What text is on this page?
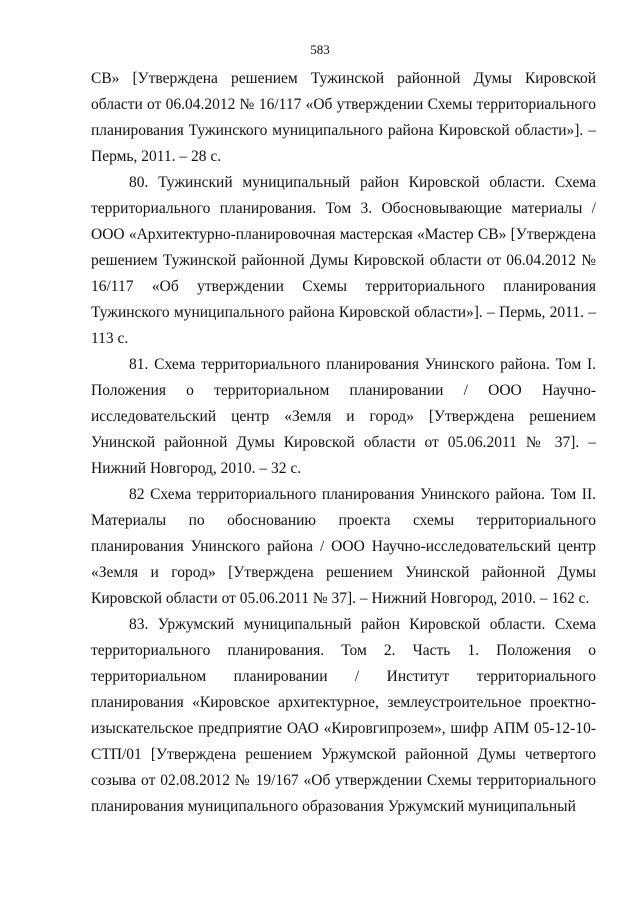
583

СВ» [Утверждена решением Тужинской районной Думы Кировской области от 06.04.2012 № 16/117 «Об утверждении Схемы территориального планирования Тужинского муниципального района Кировской области»]. – Пермь, 2011. – 28 с.

80. Тужинский муниципальный район Кировской области. Схема территориального планирования. Том 3. Обосновывающие материалы / ООО «Архитектурно-планировочная мастерская «Мастер СВ» [Утверждена решением Тужинской районной Думы Кировской области от 06.04.2012 № 16/117 «Об утверждении Схемы территориального планирования Тужинского муниципального района Кировской области»]. – Пермь, 2011. – 113 с.

81. Схема территориального планирования Унинского района. Том I. Положения о территориальном планировании / ООО Научно-исследовательский центр «Земля и город» [Утверждена решением Унинской районной Думы Кировской области от 05.06.2011 № 37]. – Нижний Новгород, 2010. – 32 с.

82 Схема территориального планирования Унинского района. Том II. Материалы по обоснованию проекта схемы территориального планирования Унинского района / ООО Научно-исследовательский центр «Земля и город» [Утверждена решением Унинской районной Думы Кировской области от 05.06.2011 № 37]. – Нижний Новгород, 2010. – 162 с.

83. Уржумский муниципальный район Кировской области. Схема территориального планирования. Том 2. Часть 1. Положения о территориальном планировании / Институт территориального планирования «Кировское архитектурное, землеустроительное проектно-изыскательское предприятие ОАО «Кировгипрозем», шифр АПМ 05-12-10-СТП/01 [Утверждена решением Уржумской районной Думы четвертого созыва от 02.08.2012 № 19/167 «Об утверждении Схемы территориального планирования муниципального образования Уржумский муниципальный
